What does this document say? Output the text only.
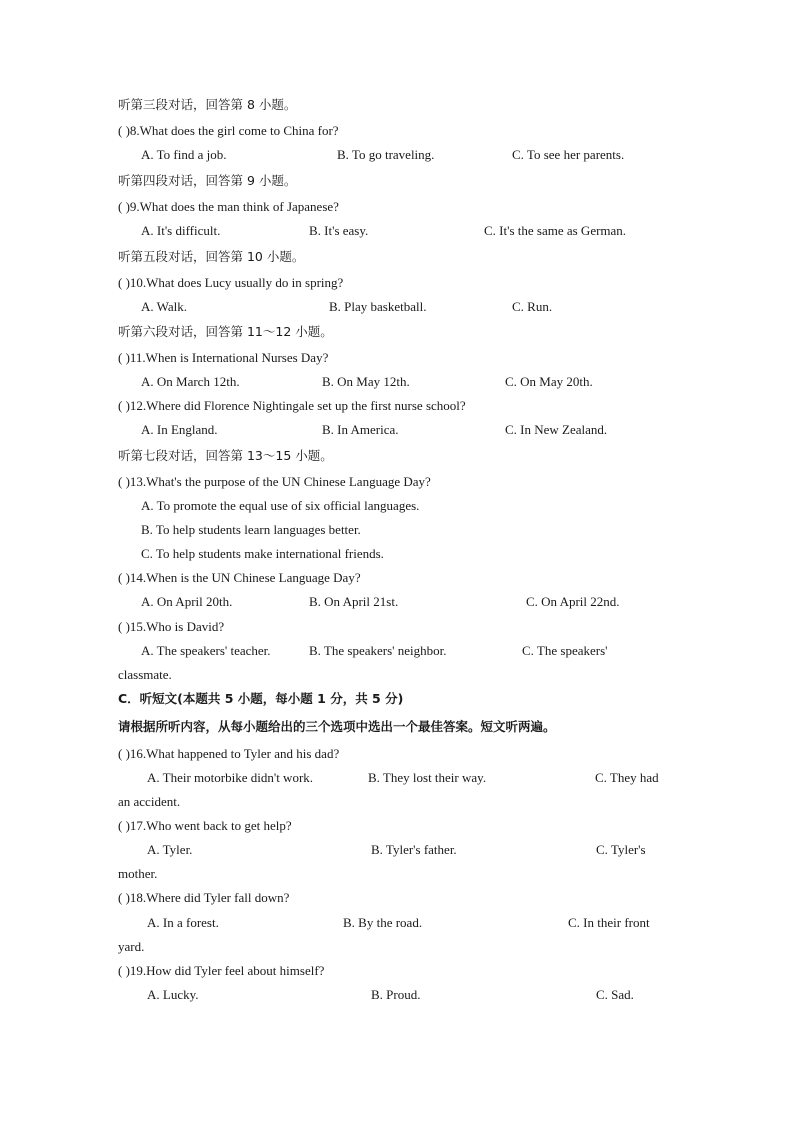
听第三段对话，回答第 8 小题。
( )8.What does the girl come to China for?
A. To find a job.	B. To go traveling.	C. To see her parents.
听第四段对话，回答第 9 小题。
( )9.What does the man think of Japanese?
A. It's difficult.	B. It's easy.	C. It's the same as German.
听第五段对话，回答第 10 小题。
( )10.What does Lucy usually do in spring?
A. Walk.	B. Play basketball.	C. Run.
听第六段对话，回答第 11～12 小题。
( )11.When is International Nurses Day?
A. On March 12th.	B. On May 12th.	C. On May 20th.
( )12.Where did Florence Nightingale set up the first nurse school?
A. In England.	B. In America.	C. In New Zealand.
听第七段对话，回答第 13～15 小题。
( )13.What's the purpose of the UN Chinese Language Day?
A. To promote the equal use of six official languages.
B. To help students learn languages better.
C. To help students make international friends.
( )14.When is the UN Chinese Language Day?
A. On April 20th.	B. On April 21st.	C. On April 22nd.
( )15.Who is David?
A. The speakers' teacher.	B. The speakers' neighbor.	C. The speakers'
classmate.
C．听短文(本题共 5 小题，每小题 1 分，共 5 分)
请根据所听内容，从每小题给出的三个选项中选出一个最佳答案。短文听两遍。
( )16.What happened to Tyler and his dad?
A. Their motorbike didn't work.	B. They lost their way.	C. They had
an accident.
( )17.Who went back to get help?
A. Tyler.	B. Tyler's father.	C. Tyler's
mother.
( )18.Where did Tyler fall down?
A. In a forest.	B. By the road.	C. In their front
yard.
( )19.How did Tyler feel about himself?
A. Lucky.	B. Proud.	C. Sad.
